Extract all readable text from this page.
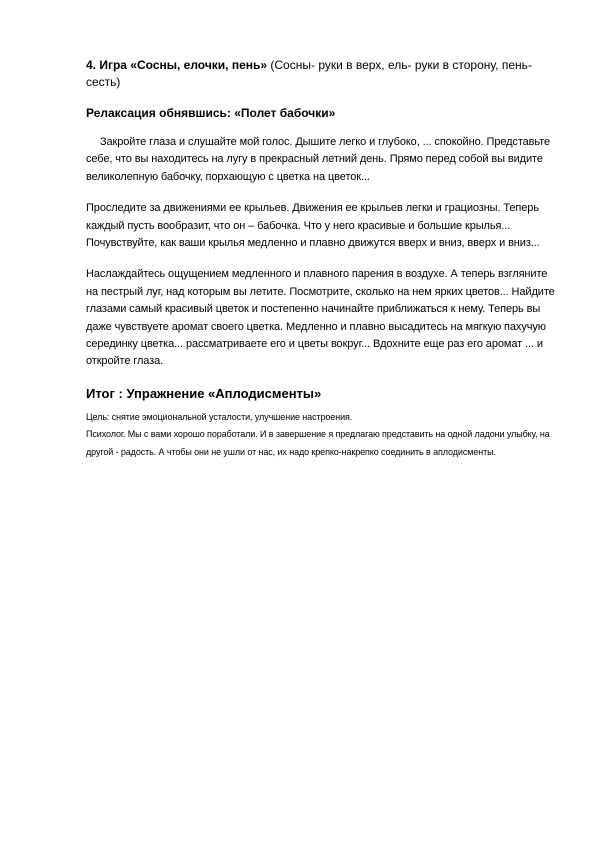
4. Игра «Сосны, елочки, пень» (Сосны- руки в верх, ель- руки в сторону, пень- сесть)

Релаксация обнявшись: «Полет бабочки»

Закройте глаза и слушайте мой голос. Дышите легко и глубоко, ... спокойно. Представьте себе, что вы находитесь на лугу в прекрасный летний день. Прямо перед собой вы видите великолепную бабочку, порхающую с цветка на цветок...

Проследите за движениями ее крыльев. Движения ее крыльев легки и грациозны. Теперь каждый пусть вообразит, что он – бабочка. Что у него красивые и большие крылья... Почувствуйте, как ваши крылья медленно и плавно движутся вверх и вниз, вверх и вниз...

Наслаждайтесь ощущением медленного и плавного парения в воздухе. А теперь взгляните на пестрый луг, над которым вы летите. Посмотрите, сколько на нем ярких цветов... Найдите глазами самый красивый цветок и постепенно начинайте приближаться к нему. Теперь вы даже чувствуете аромат своего цветка. Медленно и плавно высадитесь на мягкую пахучую серединку цветка... рассматриваете его и цветы вокруг... Вдохните еще раз его аромат ... и откройте глаза.

Итог : Упражнение «Аплодисменты»

Цель: снятие эмоциональной усталости, улучшение настроения.

Психолог. Мы с вами хорошо поработали. И в завершение я предлагаю представить на одной ладони улыбку, на другой - радость. А чтобы они не ушли от нас, их надо крепко-накрепко соединить в аплодисменты.
